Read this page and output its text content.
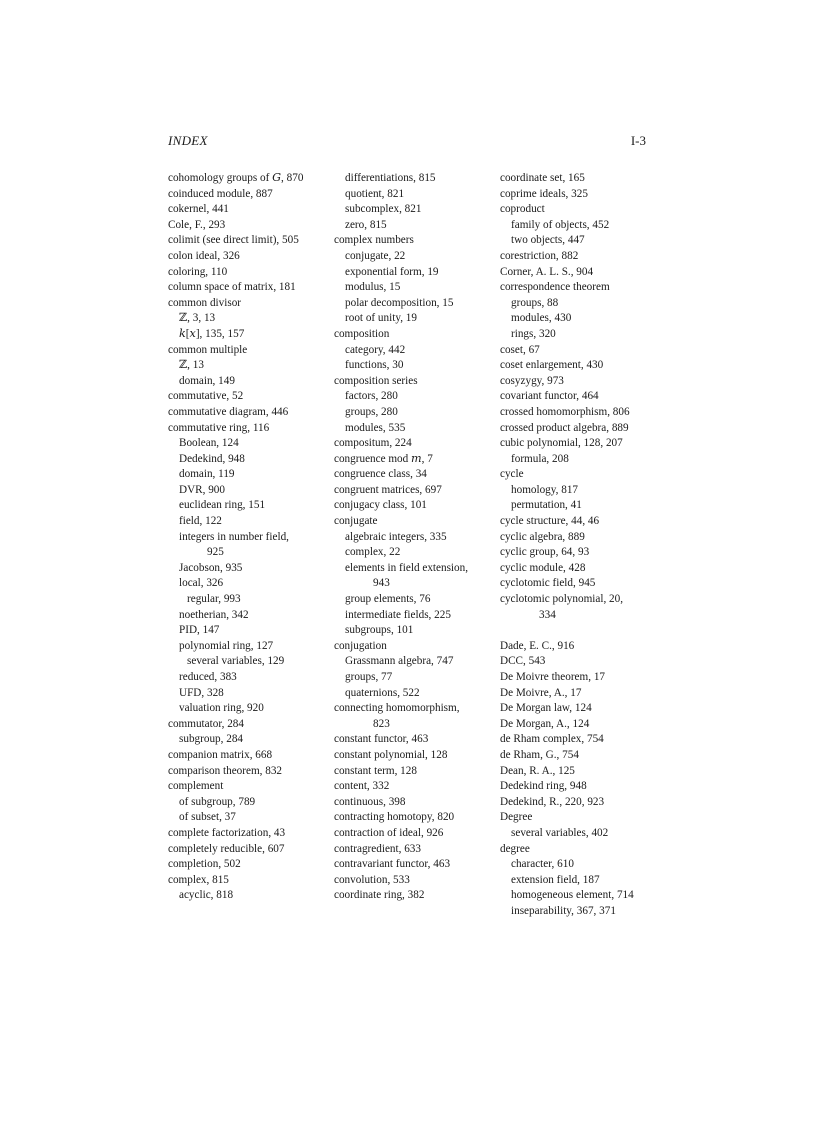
INDEX	I-3
cohomology groups of 𝐺, 870
coinduced module, 887
cokernel, 441
Cole, F., 293
colimit (see direct limit), 505
colon ideal, 326
coloring, 110
column space of matrix, 181
common divisor
ℤ, 3, 13
𝑘[𝑥], 135, 157
common multiple
ℤ, 13
domain, 149
commutative, 52
commutative diagram, 446
commutative ring, 116
Boolean, 124
Dedekind, 948
domain, 119
DVR, 900
euclidean ring, 151
field, 122
integers in number field,
925
Jacobson, 935
local, 326
regular, 993
noetherian, 342
PID, 147
polynomial ring, 127
several variables, 129
reduced, 383
UFD, 328
valuation ring, 920
commutator, 284
subgroup, 284
companion matrix, 668
comparison theorem, 832
complement
of subgroup, 789
of subset, 37
complete factorization, 43
completely reducible, 607
completion, 502
complex, 815
acyclic, 818
differentiations, 815
quotient, 821
subcomplex, 821
zero, 815
complex numbers
conjugate, 22
exponential form, 19
modulus, 15
polar decomposition, 15
root of unity, 19
composition
category, 442
functions, 30
composition series
factors, 280
groups, 280
modules, 535
compositum, 224
congruence mod 𝑚, 7
congruence class, 34
congruent matrices, 697
conjugacy class, 101
conjugate
algebraic integers, 335
complex, 22
elements in field extension,
943
group elements, 76
intermediate fields, 225
subgroups, 101
conjugation
Grassmann algebra, 747
groups, 77
quaternions, 522
connecting homomorphism,
823
constant functor, 463
constant polynomial, 128
constant term, 128
content, 332
continuous, 398
contracting homotopy, 820
contraction of ideal, 926
contragredient, 633
contravariant functor, 463
convolution, 533
coordinate ring, 382
coordinate set, 165
coprime ideals, 325
coproduct
family of objects, 452
two objects, 447
corestriction, 882
Corner, A. L. S., 904
correspondence theorem
groups, 88
modules, 430
rings, 320
coset, 67
coset enlargement, 430
cosyzygy, 973
covariant functor, 464
crossed homomorphism, 806
crossed product algebra, 889
cubic polynomial, 128, 207
formula, 208
cycle
homology, 817
permutation, 41
cycle structure, 44, 46
cyclic algebra, 889
cyclic group, 64, 93
cyclic module, 428
cyclotomic field, 945
cyclotomic polynomial, 20,
334
Dade, E. C., 916
DCC, 543
De Moivre theorem, 17
De Moivre, A., 17
De Morgan law, 124
De Morgan, A., 124
de Rham complex, 754
de Rham, G., 754
Dean, R. A., 125
Dedekind ring, 948
Dedekind, R., 220, 923
Degree
several variables, 402
degree
character, 610
extension field, 187
homogeneous element, 714
inseparability, 367, 371
